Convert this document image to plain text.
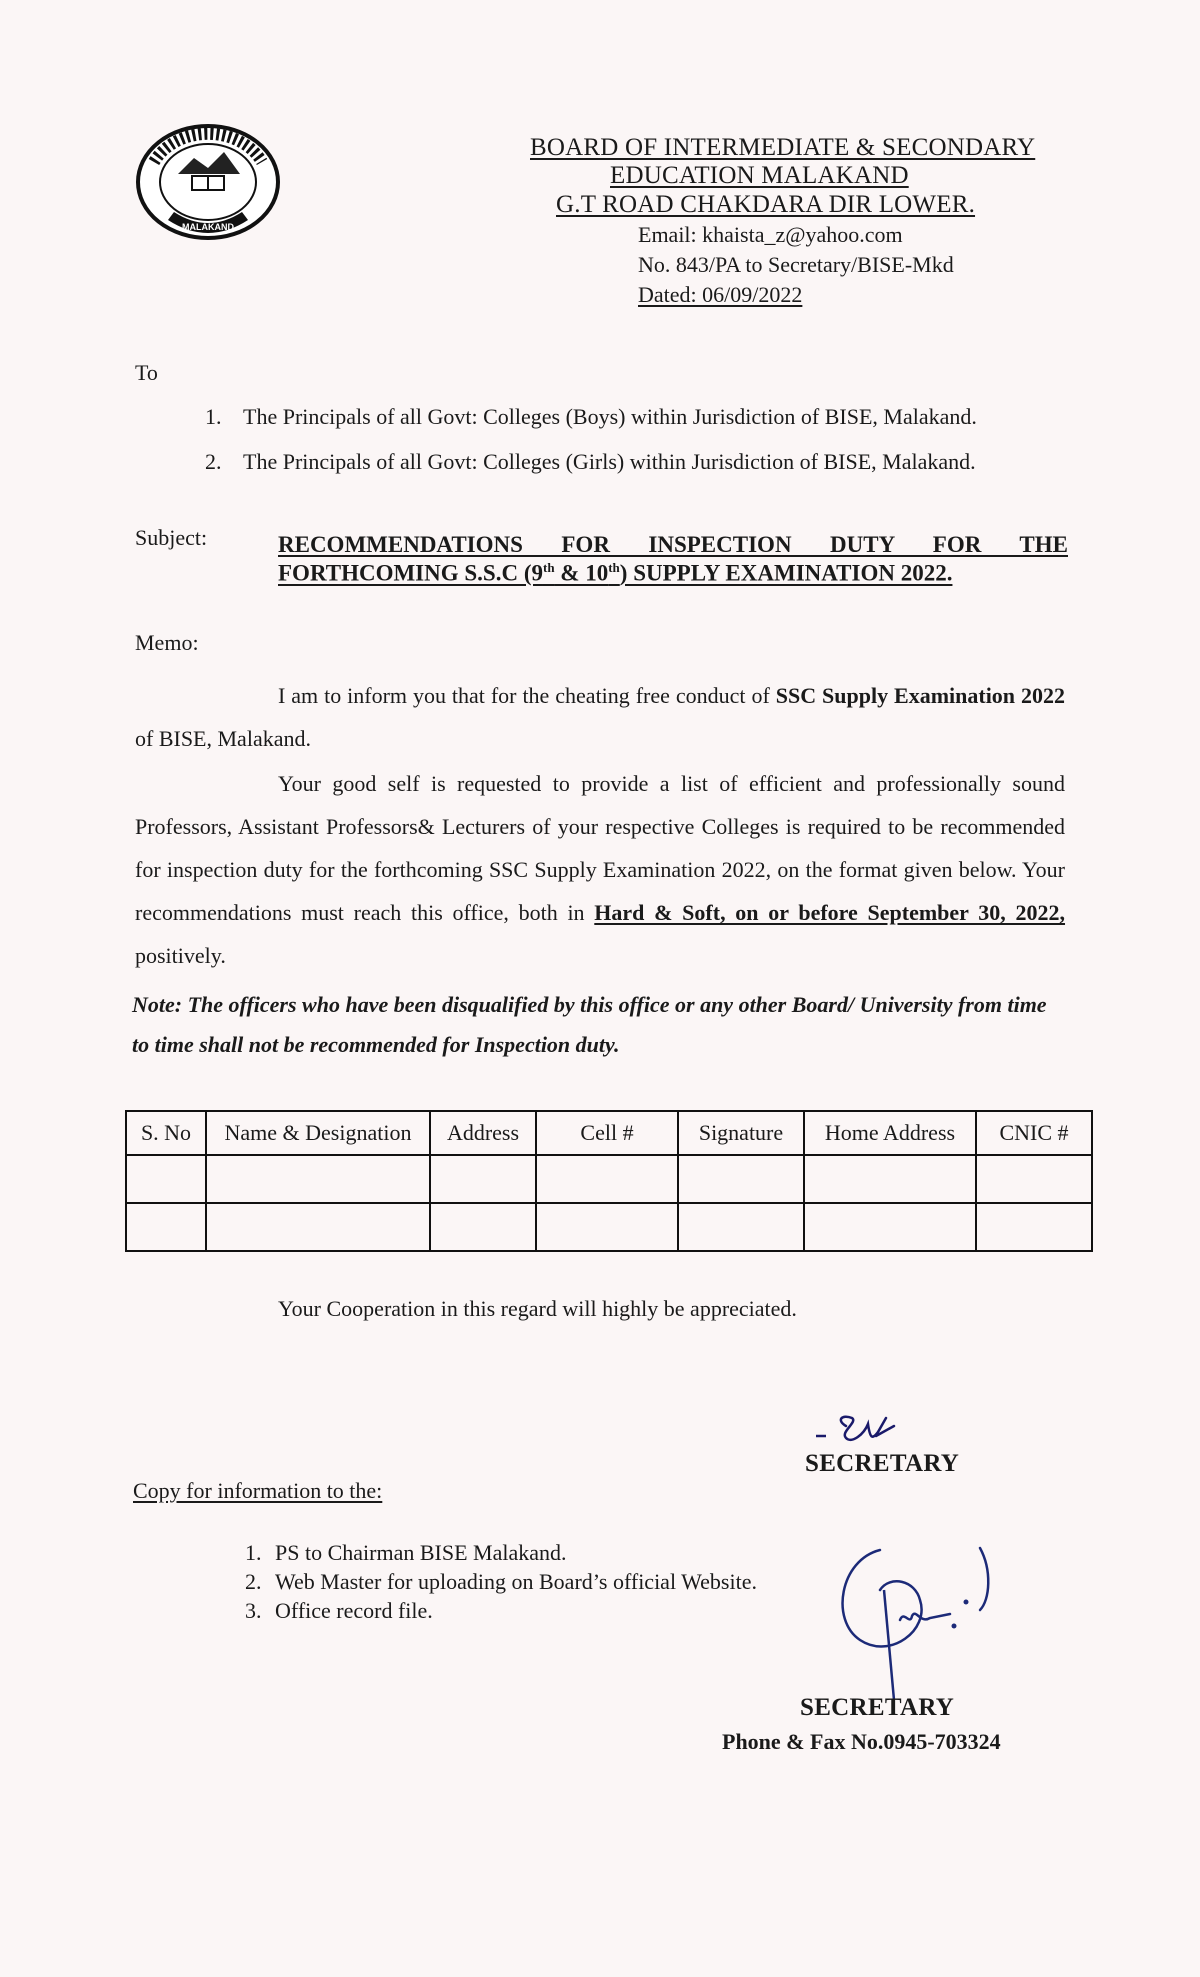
MALAKAND
BOARD OF INTERMEDIATE & SECONDARY
EDUCATION MALAKAND
G.T ROAD CHAKDARA DIR LOWER.
Email: khaista_z@yahoo.com
No. 843/PA to Secretary/BISE-Mkd
Dated: 06/09/2022
To
1. The Principals of all Govt: Colleges (Boys) within Jurisdiction of BISE, Malakand.
2. The Principals of all Govt: Colleges (Girls) within Jurisdiction of BISE, Malakand.
Subject:	RECOMMENDATIONS FOR INSPECTION DUTY FOR THE
FORTHCOMING S.S.C (9th & 10th) SUPPLY EXAMINATION 2022.
Memo:
I am to inform you that for the cheating free conduct of SSC Supply Examination 2022 of BISE, Malakand.
Your good self is requested to provide a list of efficient and professionally sound Professors, Assistant Professors& Lecturers of your respective Colleges is required to be recommended for inspection duty for the forthcoming SSC Supply Examination 2022, on the format given below. Your recommendations must reach this office, both in Hard & Soft, on or before September 30, 2022, positively.
Note: The officers who have been disqualified by this office or any other Board/ University from time to time shall not be recommended for Inspection duty.
S. No	Name & Designation	Address	Cell #	Signature	Home Address	CNIC #

Your Cooperation in this regard will highly be appreciated.
SECRETARY
Copy for information to the:
1. PS to Chairman BISE Malakand.
2. Web Master for uploading on Board’s official Website.
3. Office record file.
SECRETARY
Phone & Fax No.0945-703324
